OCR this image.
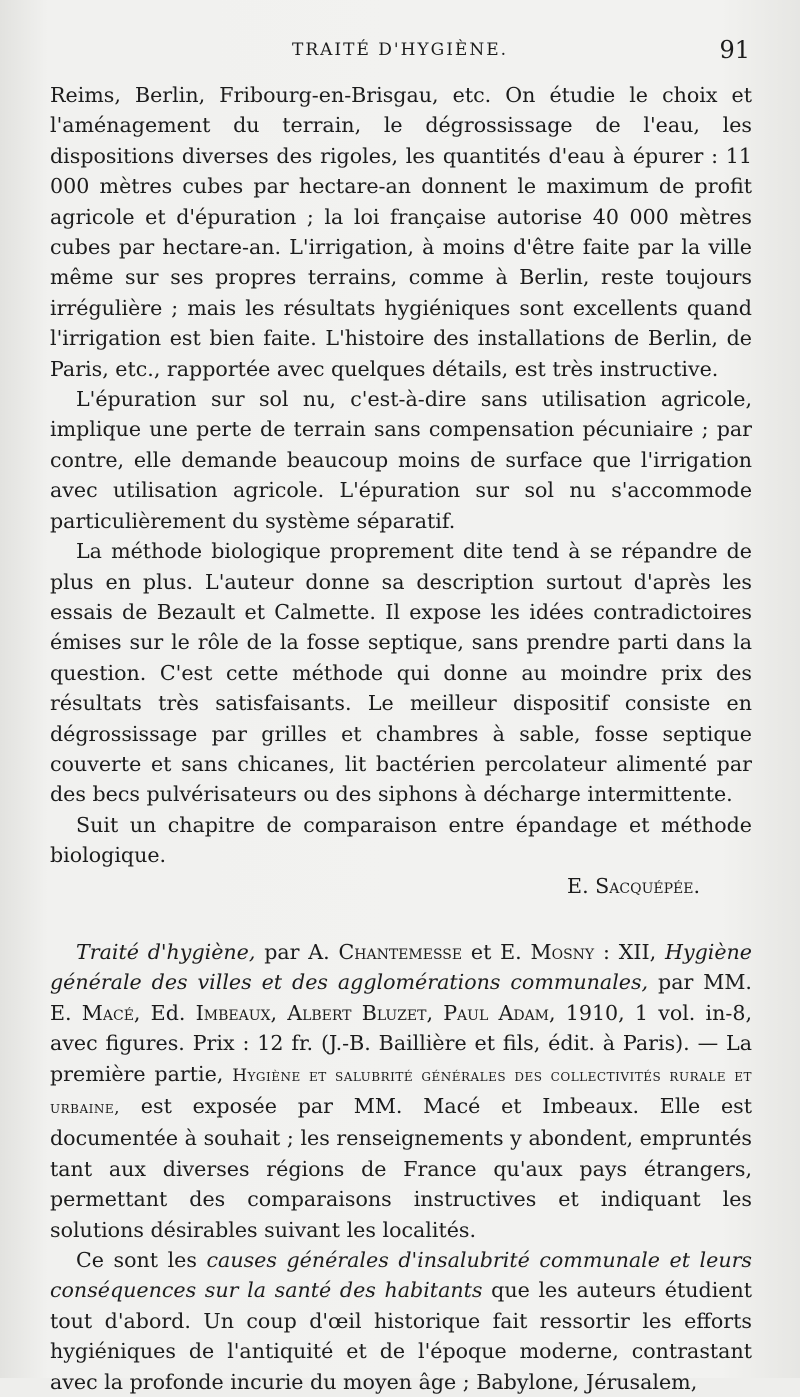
TRAITÉ D'HYGIÈNE.	91

Reims, Berlin, Fribourg-en-Brisgau, etc. On étudie le choix et l'aménagement du terrain, le dégrossissage de l'eau, les dispositions diverses des rigoles, les quantités d'eau à épurer : 11 000 mètres cubes par hectare-an donnent le maximum de profit agricole et d'épuration ; la loi française autorise 40 000 mètres cubes par hectare-an. L'irrigation, à moins d'être faite par la ville même sur ses propres terrains, comme à Berlin, reste toujours irrégulière ; mais les résultats hygiéniques sont excellents quand l'irrigation est bien faite. L'histoire des installations de Berlin, de Paris, etc., rapportée avec quelques détails, est très instructive.

L'épuration sur sol nu, c'est-à-dire sans utilisation agricole, implique une perte de terrain sans compensation pécuniaire ; par contre, elle demande beaucoup moins de surface que l'irrigation avec utilisation agricole. L'épuration sur sol nu s'accommode particulièrement du système séparatif.

La méthode biologique proprement dite tend à se répandre de plus en plus. L'auteur donne sa description surtout d'après les essais de Bezault et Calmette. Il expose les idées contradictoires émises sur le rôle de la fosse septique, sans prendre parti dans la question. C'est cette méthode qui donne au moindre prix des résultats très satisfaisants. Le meilleur dispositif consiste en dégrossissage par grilles et chambres à sable, fosse septique couverte et sans chicanes, lit bactérien percolateur alimenté par des becs pulvérisateurs ou des siphons à décharge intermittente.

Suit un chapitre de comparaison entre épandage et méthode biologique.

E. Sacquépée.

Traité d'hygiène, par A. Chantemesse et E. Mosny : XII, Hygiène générale des villes et des agglomérations communales, par MM. E. Macé, Ed. Imbeaux, Albert Bluzet, Paul Adam, 1910, 1 vol. in-8, avec figures. Prix : 12 fr. (J.-B. Baillière et fils, édit. à Paris). — La première partie, Hygiène et salubrité générales des collectivités rurale et urbaine, est exposée par MM. Macé et Imbeaux. Elle est documentée à souhait ; les renseignements y abondent, empruntés tant aux diverses régions de France qu'aux pays étrangers, permettant des comparaisons instructives et indiquant les solutions désirables suivant les localités.

Ce sont les causes générales d'insalubrité communale et leurs conséquences sur la santé des habitants que les auteurs étudient tout d'abord. Un coup d'œil historique fait ressortir les efforts hygiéniques de l'antiquité et de l'époque moderne, contrastant avec la profonde incurie du moyen âge ; Babylone, Jérusalem,
